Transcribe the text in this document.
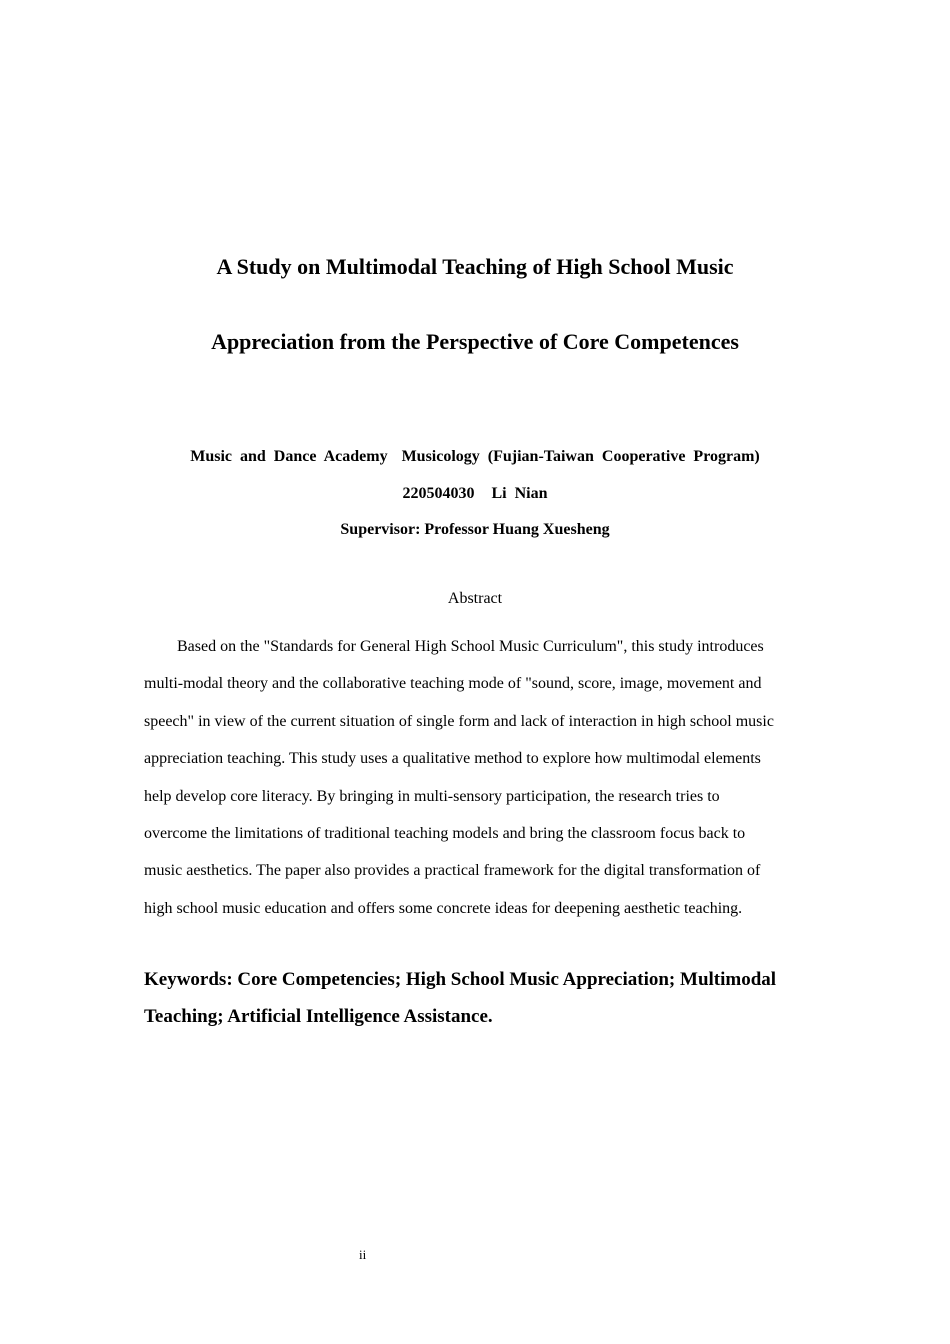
A Study on Multimodal Teaching of High School Music
Appreciation from the Perspective of Core Competences
Music and Dance Academy Musicology (Fujian-Taiwan Cooperative Program)
220504030 Li Nian
Supervisor: Professor Huang Xuesheng
Abstract
Based on the "Standards for General High School Music Curriculum", this study introduces
multi-modal theory and the collaborative teaching mode of "sound, score, image, movement and
speech" in view of the current situation of single form and lack of interaction in high school music
appreciation teaching. This study uses a qualitative method to explore how multimodal elements
help develop core literacy. By bringing in multi-sensory participation, the research tries to
overcome the limitations of traditional teaching models and bring the classroom focus back to
music aesthetics. The paper also provides a practical framework for the digital transformation of
high school music education and offers some concrete ideas for deepening aesthetic teaching.
Keywords: Core Competencies; High School Music Appreciation; Multimodal
Teaching; Artificial Intelligence Assistance.
ii
